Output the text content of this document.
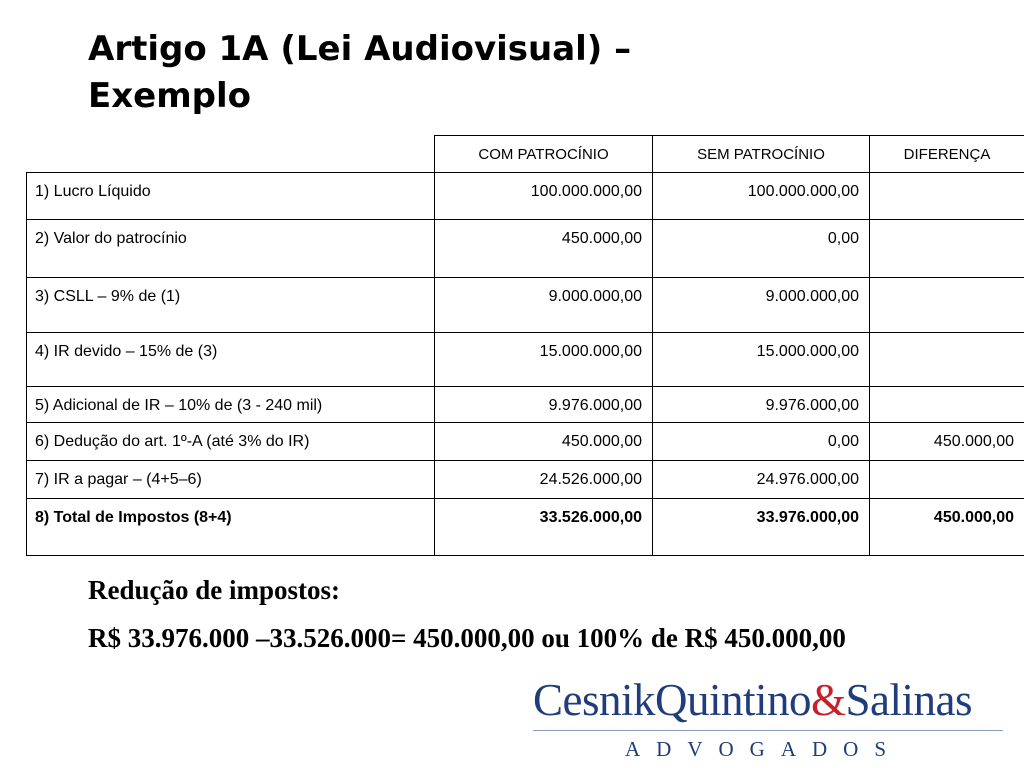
Artigo 1A (Lei Audiovisual) –
Exemplo
	COM PATROCÍNIO	SEM PATROCÍNIO	DIFERENÇA
1) Lucro Líquido	100.000.000,00	100.000.000,00	
2) Valor do patrocínio	450.000,00	0,00	
3) CSLL – 9% de (1)	9.000.000,00	9.000.000,00	
4) IR devido – 15% de (3)	15.000.000,00	15.000.000,00	
5) Adicional de IR – 10% de (3 - 240 mil)	9.976.000,00	9.976.000,00	
6) Dedução do art. 1º-A (até 3% do IR)	450.000,00	0,00	450.000,00
7) IR a pagar – (4+5–6)	24.526.000,00	24.976.000,00	
8) Total de Impostos (8+4)	33.526.000,00	33.976.000,00	450.000,00

Redução de impostos:

R$ 33.976.000 –33.526.000= 450.000,00 ou 100% de R$ 450.000,00

CesnikQuintino&Salinas
ADVOGADOS
